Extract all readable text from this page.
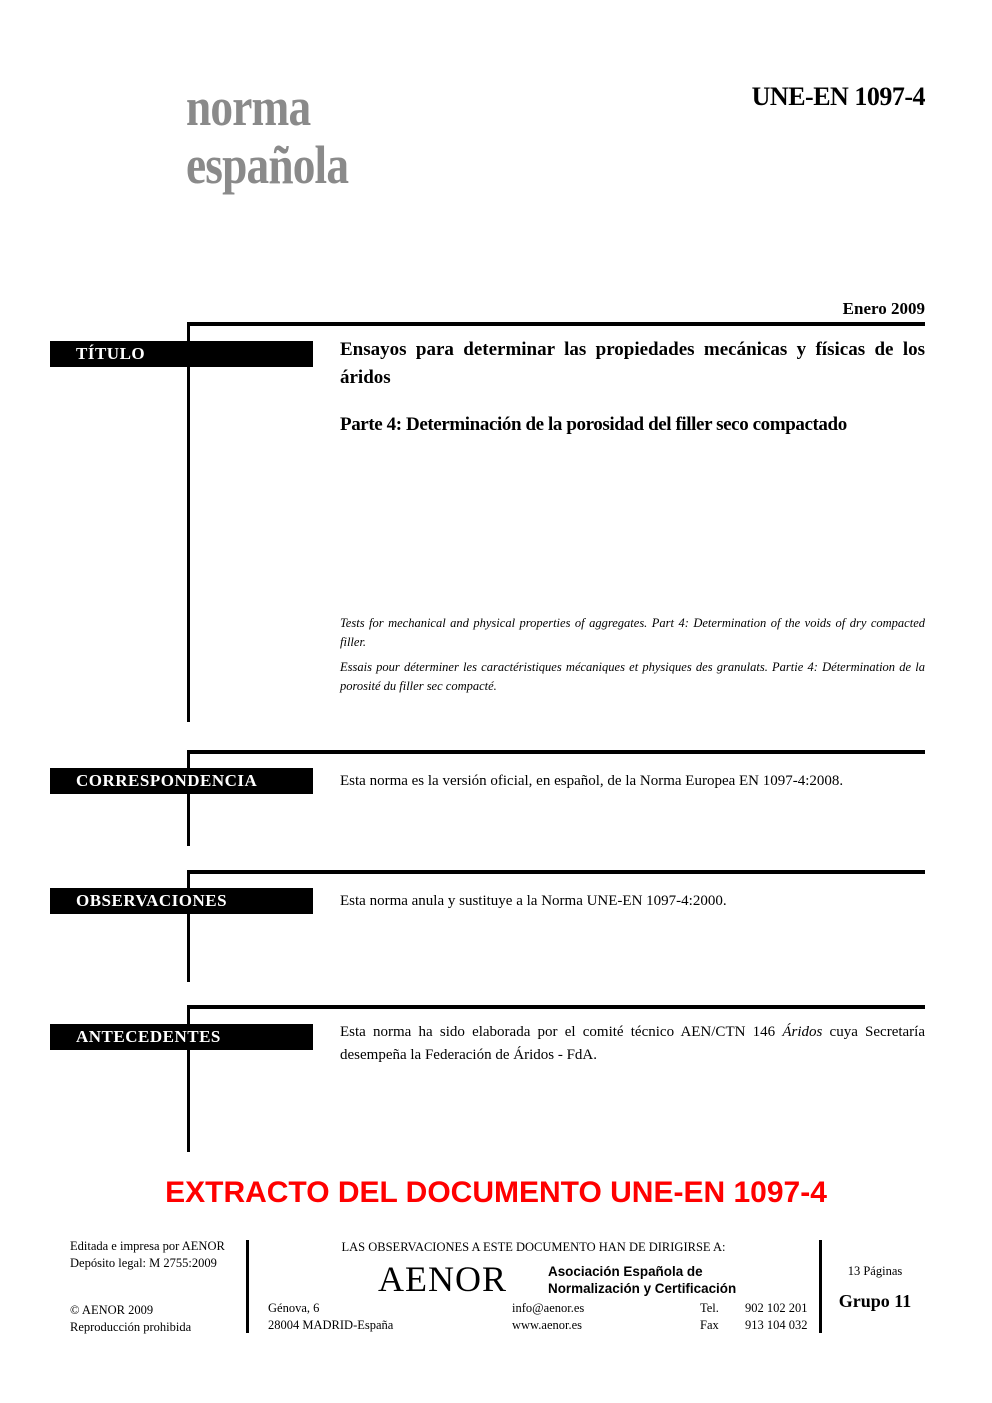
norma
española
UNE-EN 1097-4
Enero 2009
TÍTULO	Ensayos para determinar las propiedades mecánicas y físicas de los áridos
Parte 4: Determinación de la porosidad del filler seco compactado
Tests for mechanical and physical properties of aggregates. Part 4: Determination of the voids of dry compacted filler.
Essais pour déterminer les caractéristiques mécaniques et physiques des granulats. Partie 4: Détermination de la porosité du filler sec compacté.
CORRESPONDENCIA	Esta norma es la versión oficial, en español, de la Norma Europea EN 1097-4:2008.
OBSERVACIONES	Esta norma anula y sustituye a la Norma UNE-EN 1097-4:2000.
ANTECEDENTES	Esta norma ha sido elaborada por el comité técnico AEN/CTN 146 Áridos cuya Secretaría desempeña la Federación de Áridos - FdA.
EXTRACTO DEL DOCUMENTO UNE-EN 1097-4
Editada e impresa por AENOR
Depósito legal: M 2755:2009
© AENOR 2009
Reproducción prohibida
LAS OBSERVACIONES A ESTE DOCUMENTO HAN DE DIRIGIRSE A:
AENOR	Asociación Española de
Normalización y Certificación
Génova, 6
28004 MADRID-España
info@aenor.es
www.aenor.es
Tel. 902 102 201
Fax 913 104 032
13 Páginas
Grupo 11
